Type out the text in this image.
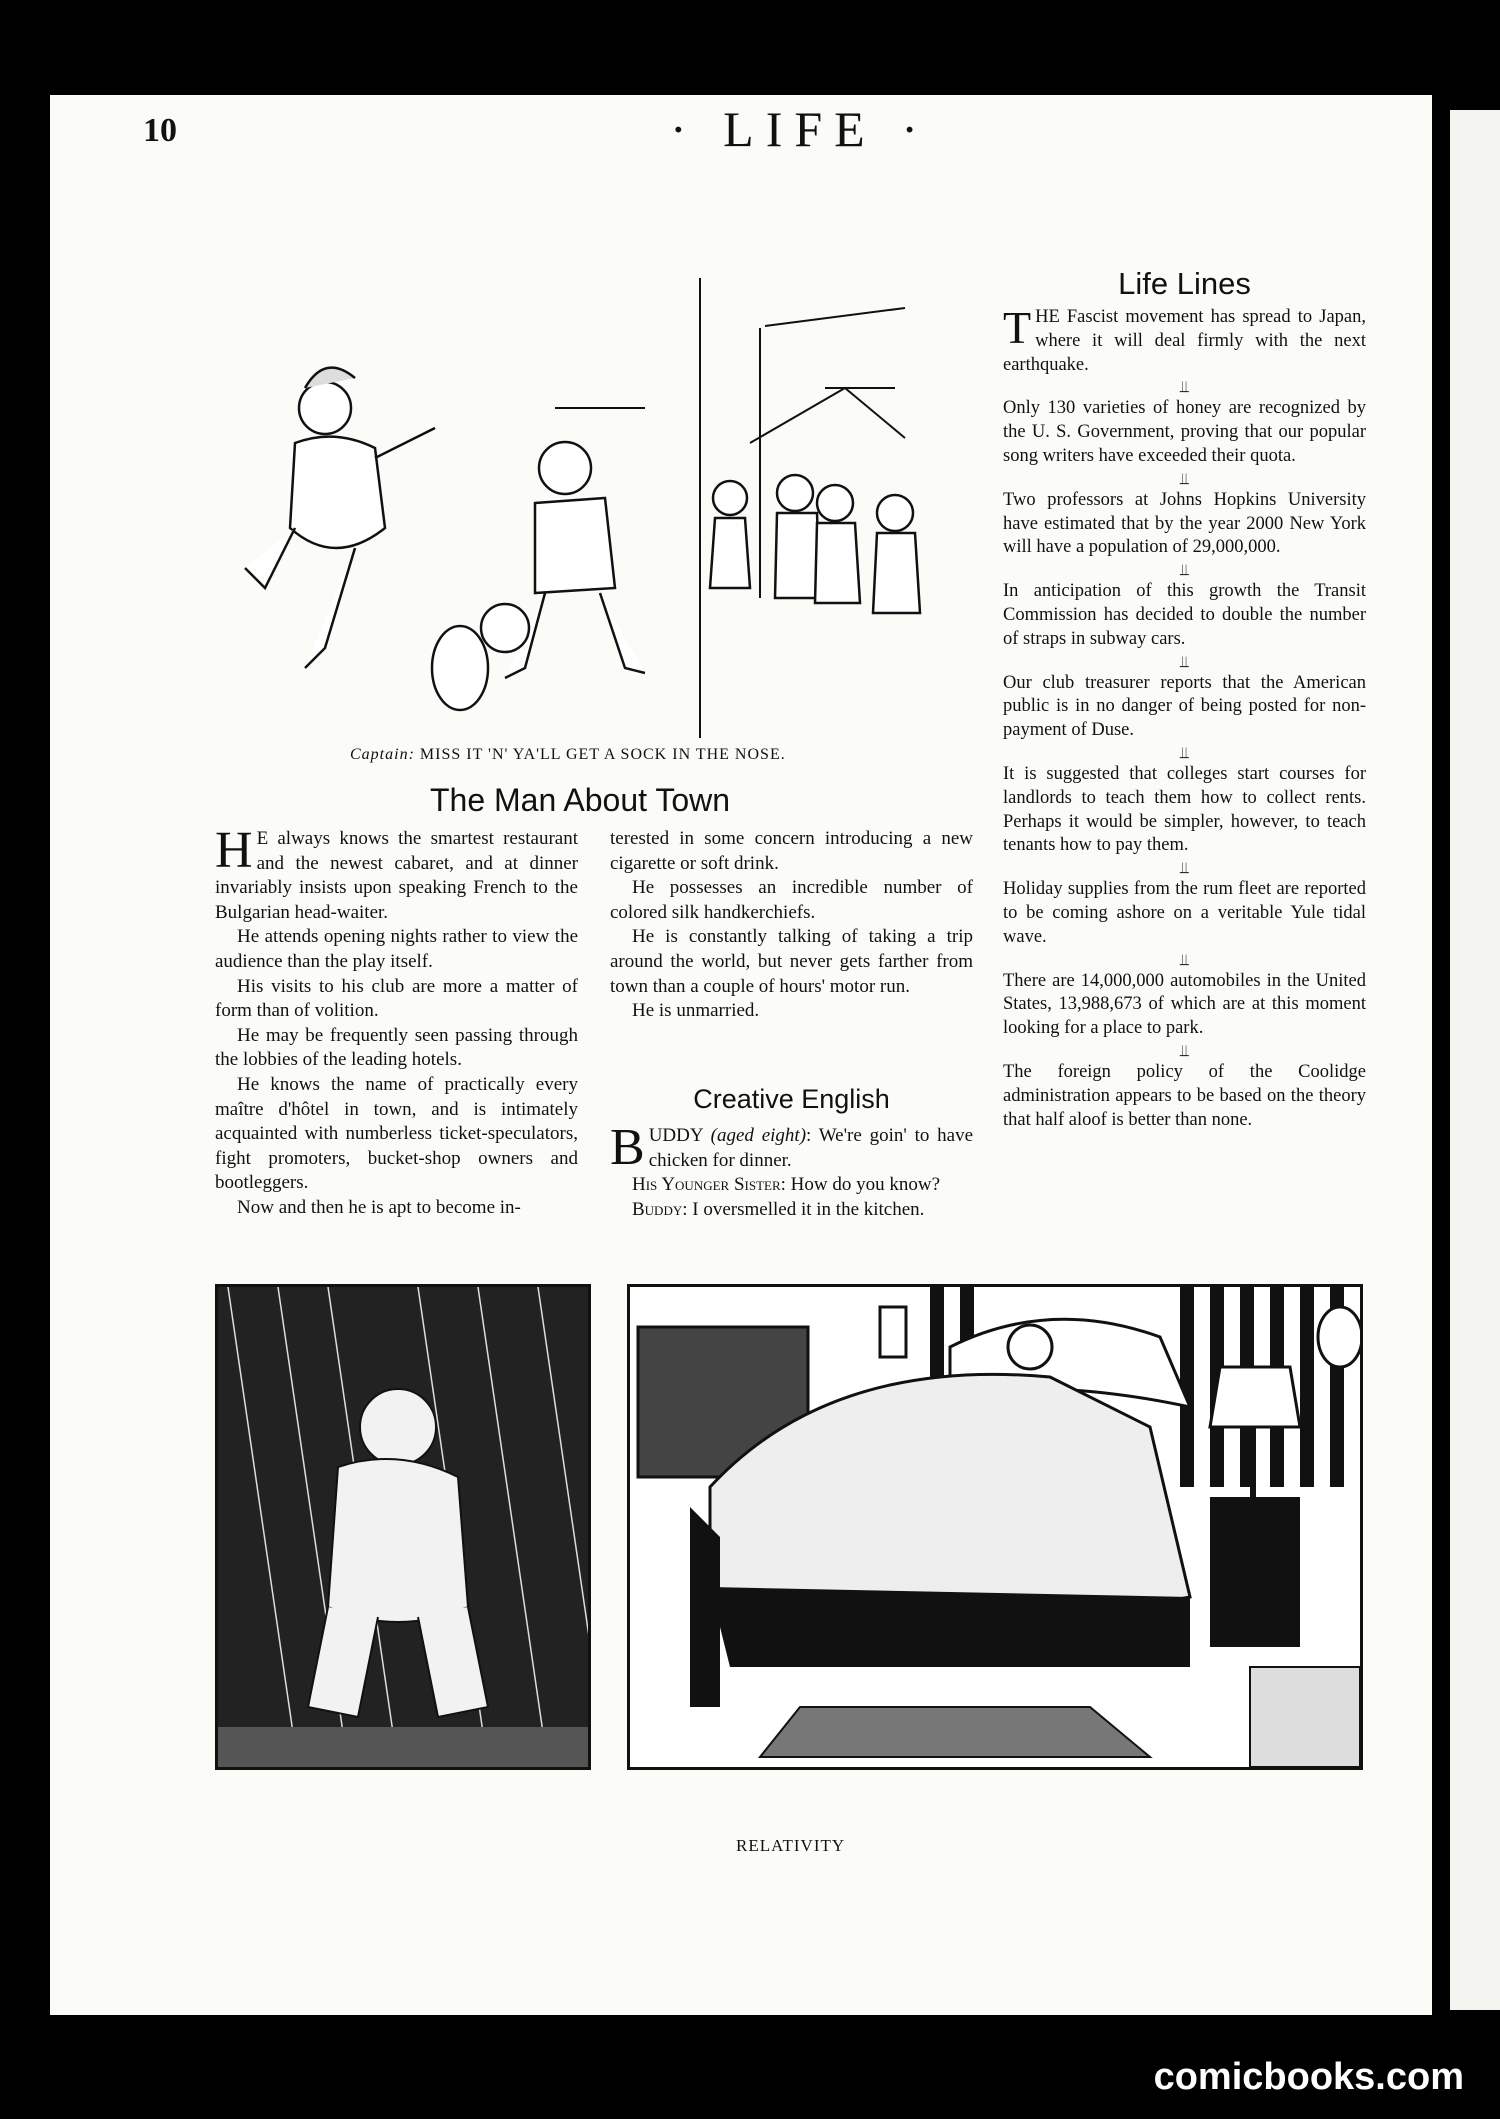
10	· LIFE ·
Captain: MISS IT 'N' YA'LL GET A SOCK IN THE NOSE.
The Man About Town

H E always knows the smartest restaurant and the newest cabaret, and at dinner invariably insists upon speaking French to the Bulgarian head-waiter.

He attends opening nights rather to view the audience than the play itself.

His visits to his club are more a matter of form than of volition.

He may be frequently seen passing through the lobbies of the leading hotels.

He knows the name of practically every maître d'hôtel in town, and is intimately acquainted with numberless ticket-speculators, fight promoters, bucket-shop owners and bootleggers.

Now and then he is apt to become in-

terested in some concern introducing a new cigarette or soft drink.

He possesses an incredible number of colored silk handkerchiefs.

He is constantly talking of taking a trip around the world, but never gets farther from town than a couple of hours' motor run.

He is unmarried.

Creative English

BUDDY (aged eight): We're goin' to have chicken for dinner.

His Younger Sister: How do you know?

Buddy: I oversmelled it in the kitchen.

Life Lines

THE Fascist movement has spread to Japan, where it will deal firmly with the next earthquake.

⫫

Only 130 varieties of honey are recognized by the U. S. Government, proving that our popular song writers have exceeded their quota.

⫫

Two professors at Johns Hopkins University have estimated that by the year 2000 New York will have a population of 29,000,000.

⫫

In anticipation of this growth the Transit Commission has decided to double the number of straps in subway cars.

⫫

Our club treasurer reports that the American public is in no danger of being posted for non-payment of Duse.

⫫

It is suggested that colleges start courses for landlords to teach them how to collect rents. Perhaps it would be simpler, however, to teach tenants how to pay them.

⫫

Holiday supplies from the rum fleet are reported to be coming ashore on a veritable Yule tidal wave.

⫫

There are 14,000,000 automobiles in the United States, 13,988,673 of which are at this moment looking for a place to park.

⫫

The foreign policy of the Coolidge administration appears to be based on the theory that half aloof is better than none.

RELATIVITY
comicbooks.com
